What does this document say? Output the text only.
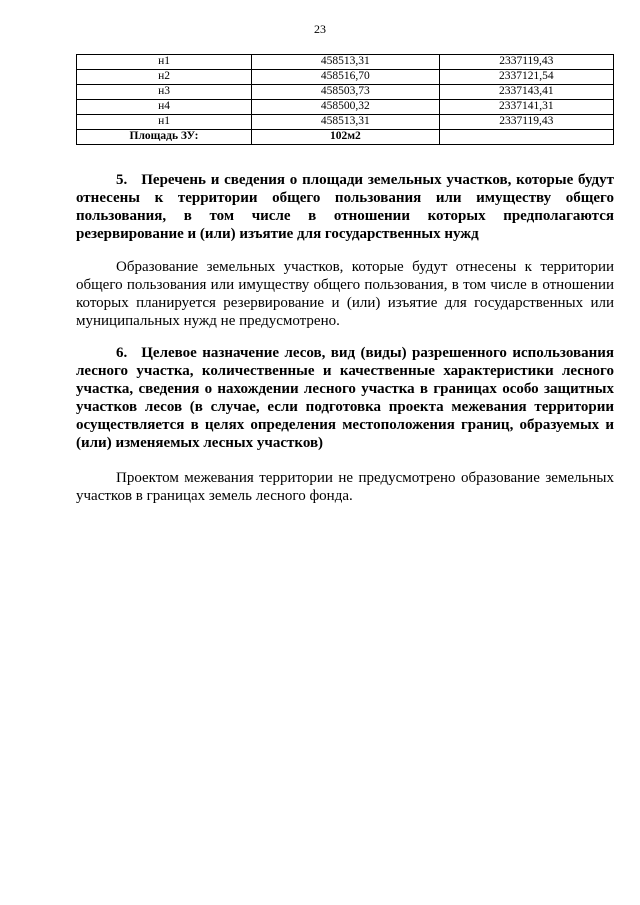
23
н1	458513,31	2337119,43
н2	458516,70	2337121,54
н3	458503,73	2337143,41
н4	458500,32	2337141,31
н1	458513,31	2337119,43
Площадь ЗУ:	102м2	
5. Перечень и сведения о площади земельных участков, которые будут отнесены к территории общего пользования или имуществу общего пользования, в том числе в отношении которых предполагаются резервирование и (или) изъятие для государственных нужд
Образование земельных участков, которые будут отнесены к территории общего пользования или имуществу общего пользования, в том числе в отношении которых планируется резервирование и (или) изъятие для государственных или муниципальных нужд не предусмотрено.
6. Целевое назначение лесов, вид (виды) разрешенного использования лесного участка, количественные и качественные характеристики лесного участка, сведения о нахождении лесного участка в границах особо защитных участков лесов (в случае, если подготовка проекта межевания территории осуществляется в целях определения местоположения границ, образуемых и (или) изменяемых лесных участков)
Проектом межевания территории не предусмотрено образование земельных участков в границах земель лесного фонда.
